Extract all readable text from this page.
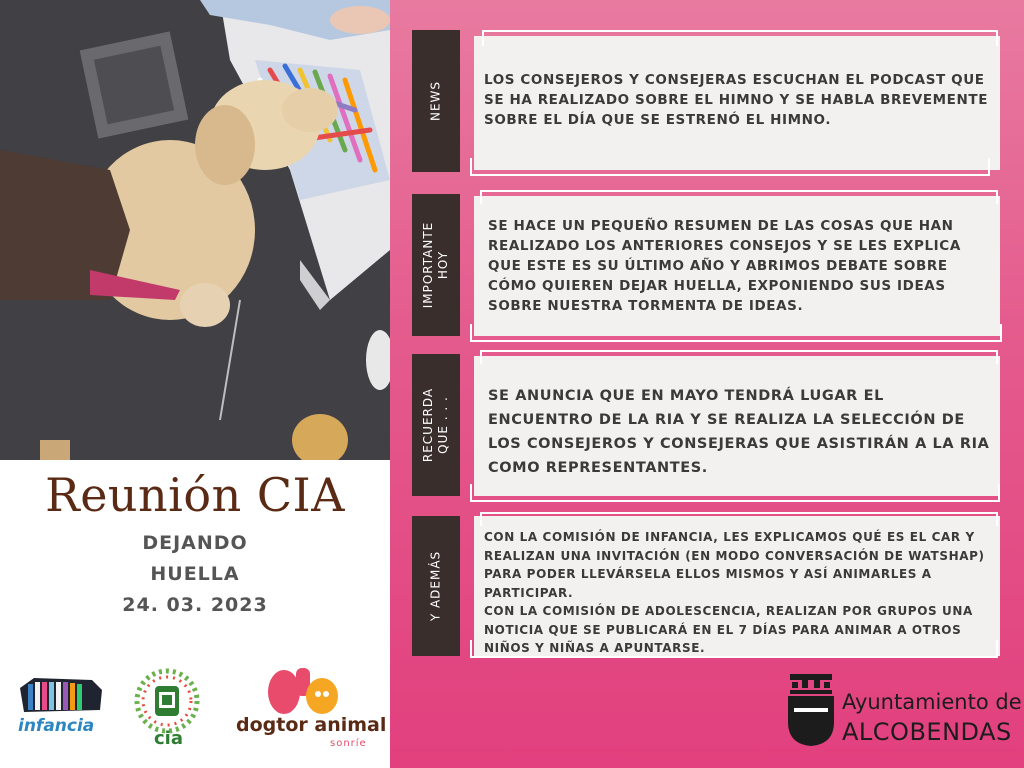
Reunión CIA
DEJANDO
HUELLA
24. 03. 2023
infancia
cia
dogtor animal
sonríe
NEWS
LOS CONSEJEROS Y CONSEJERAS ESCUCHAN EL PODCAST QUE SE HA REALIZADO SOBRE EL HIMNO Y SE HABLA BREVEMENTE SOBRE EL DÍA QUE SE ESTRENÓ EL HIMNO.
IMPORTANTE
HOY
SE HACE UN PEQUEÑO RESUMEN DE LAS COSAS QUE HAN REALIZADO LOS ANTERIORES CONSEJOS Y SE LES EXPLICA QUE ESTE ES SU ÚLTIMO AÑO Y ABRIMOS DEBATE SOBRE CÓMO QUIEREN DEJAR HUELLA, EXPONIENDO SUS IDEAS SOBRE NUESTRA TORMENTA DE IDEAS.
RECUERDA
QUE . . .
SE ANUNCIA QUE EN MAYO TENDRÁ LUGAR EL ENCUENTRO DE LA RIA Y SE REALIZA LA SELECCIÓN DE LOS CONSEJEROS Y CONSEJERAS QUE ASISTIRÁN A LA RIA COMO REPRESENTANTES.
Y ADEMÁS
CON LA COMISIÓN DE INFANCIA, LES EXPLICAMOS QUÉ ES EL CAR Y REALIZAN UNA INVITACIÓN (EN MODO CONVERSACIÓN DE WATSHAP) PARA PODER LLEVÁRSELA ELLOS MISMOS Y ASÍ ANIMARLES A PARTICIPAR.
CON LA COMISIÓN DE ADOLESCENCIA, REALIZAN POR GRUPOS UNA NOTICIA QUE SE PUBLICARÁ EN EL 7 DÍAS PARA ANIMAR A OTROS NIÑOS Y NIÑAS A APUNTARSE.
Ayuntamiento de
ALCOBENDAS
